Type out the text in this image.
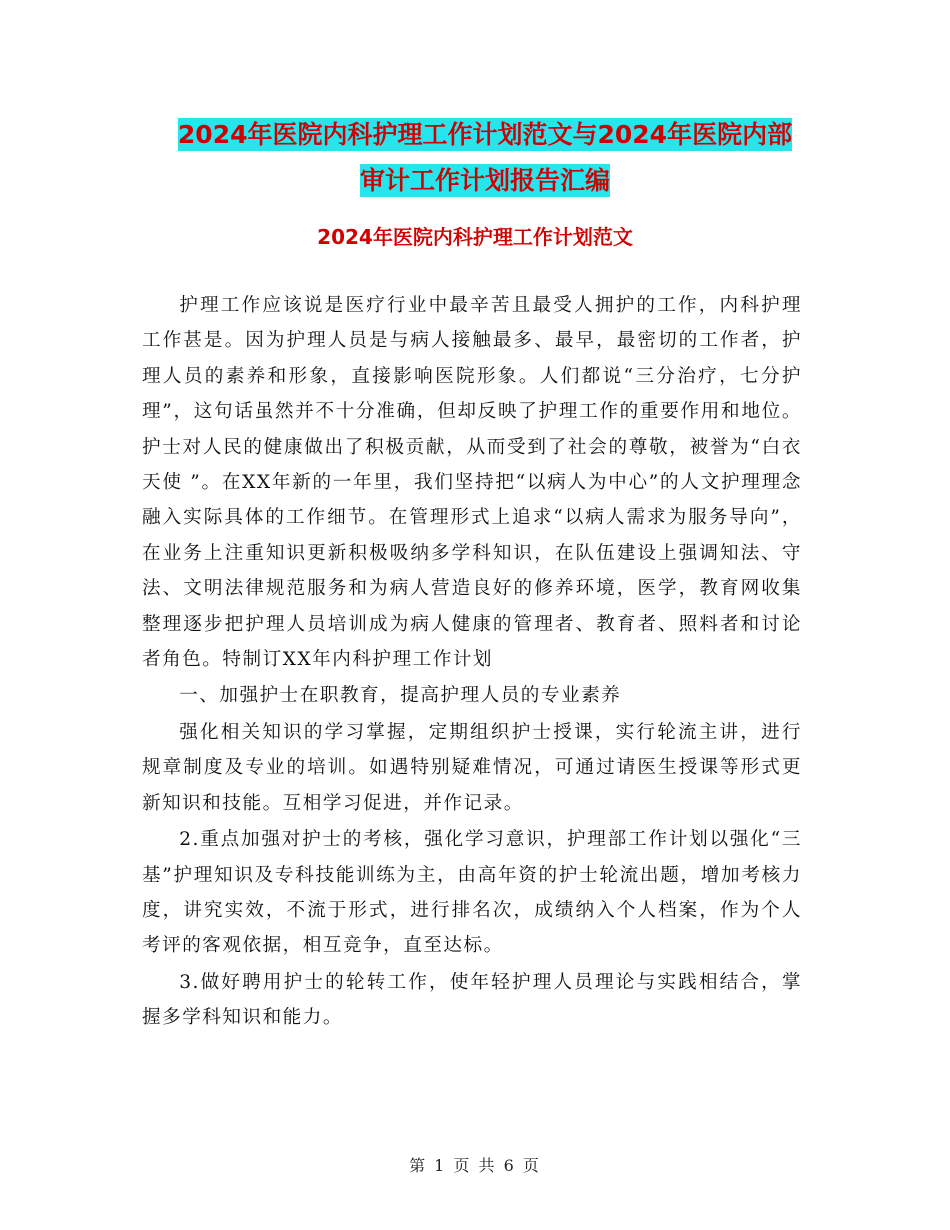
2024年医院内科护理工作计划范文与2024年医院内部
审计工作计划报告汇编
2024年医院内科护理工作计划范文

护理工作应该说是医疗行业中最辛苦且最受人拥护的工作，内科护理工作甚是。因为护理人员是与病人接触最多、最早，最密切的工作者，护理人员的素养和形象，直接影响医院形象。人们都说“三分治疗，七分护理”，这句话虽然并不十分准确，但却反映了护理工作的重要作用和地位。护士对人民的健康做出了积极贡献，从而受到了社会的尊敬，被誉为“白衣天使 ”。在XX年新的一年里，我们坚持把“以病人为中心”的人文护理理念融入实际具体的工作细节。在管理形式上追求“以病人需求为服务导向”，在业务上注重知识更新积极吸纳多学科知识，在队伍建设上强调知法、守法、文明法律规范服务和为病人营造良好的修养环境，医学，教育网收集整理逐步把护理人员培训成为病人健康的管理者、教育者、照料者和讨论者角色。特制订XX年内科护理工作计划

一、加强护士在职教育，提高护理人员的专业素养

强化相关知识的学习掌握，定期组织护士授课，实行轮流主讲，进行规章制度及专业的培训。如遇特别疑难情况，可通过请医生授课等形式更新知识和技能。互相学习促进，并作记录。

2.重点加强对护士的考核，强化学习意识，护理部工作计划以强化“三基”护理知识及专科技能训练为主，由高年资的护士轮流出题，增加考核力度，讲究实效，不流于形式，进行排名次，成绩纳入个人档案，作为个人考评的客观依据，相互竞争，直至达标。

3.做好聘用护士的轮转工作，使年轻护理人员理论与实践相结合，掌握多学科知识和能力。

第 1 页 共 6 页
